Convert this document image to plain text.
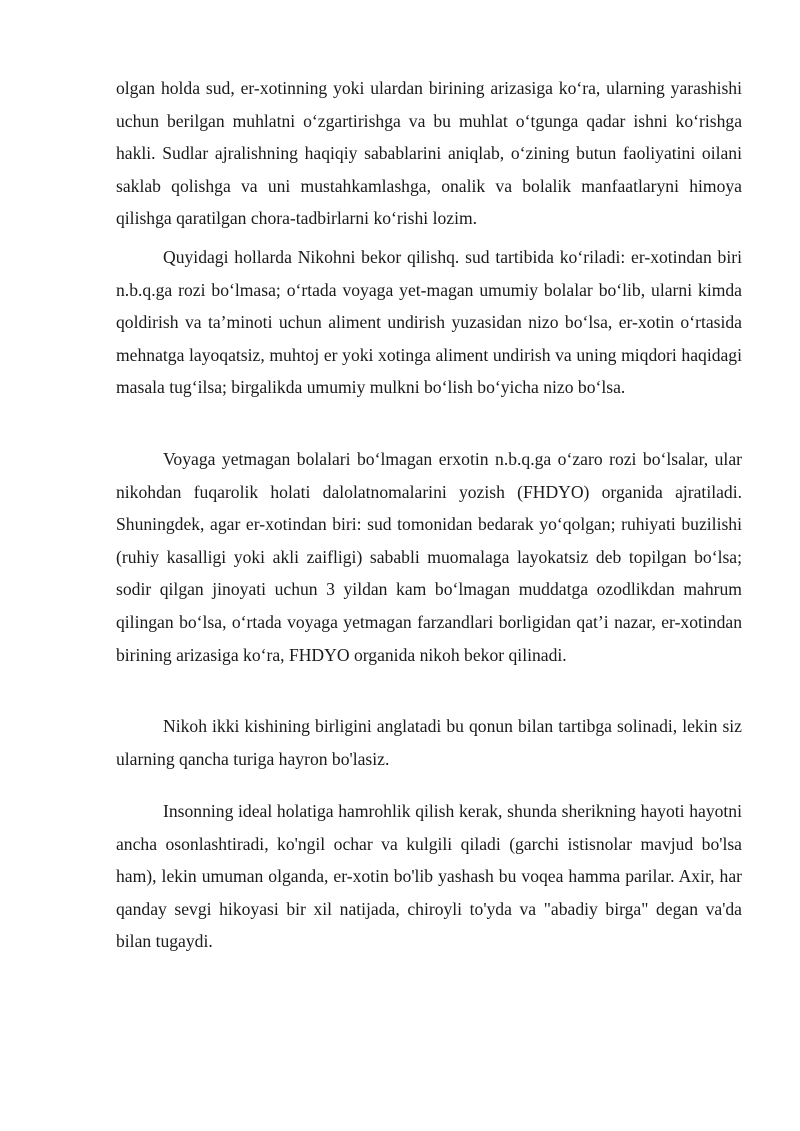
olgan holda sud, er-xotinning yoki ulardan birining arizasiga ko‘ra, ularning yarashishi uchun berilgan muhlatni o‘zgartirishga va bu muhlat o‘tgunga qadar ishni ko‘rishga hakli. Sudlar ajralishning haqiqiy sabablarini aniqlab, o‘zining butun faoliyatini oilani saklab qolishga va uni mustahkamlashga, onalik va bolalik manfaatlaryni himoya qilishga qaratilgan chora-tadbirlarni ko‘rishi lozim.

Quyidagi hollarda Nikohni bekor qilishq. sud tartibida ko‘riladi: er-xotindan biri n.b.q.ga rozi bo‘lmasa; o‘rtada voyaga yet-magan umumiy bolalar bo‘lib, ularni kimda qoldirish va ta’minoti uchun aliment undirish yuzasidan nizo bo‘lsa, er-xotin o‘rtasida mehnatga layoqatsiz, muhtoj er yoki xotinga aliment undirish va uning miqdori haqidagi masala tug‘ilsa; birgalikda umumiy mulkni bo‘lish bo‘yicha nizo bo‘lsa.

Voyaga yetmagan bolalari bo‘lmagan erxotin n.b.q.ga o‘zaro rozi bo‘lsalar, ular nikohdan fuqarolik holati dalolatnomalarini yozish (FHDYO) organida ajratiladi. Shuningdek, agar er-xotindan biri: sud tomonidan bedarak yo‘qolgan; ruhiyati buzilishi (ruhiy kasalligi yoki akli zaifligi) sababli muomalaga layokatsiz deb topilgan bo‘lsa; sodir qilgan jinoyati uchun 3 yildan kam bo‘lmagan muddatga ozodlikdan mahrum qilingan bo‘lsa, o‘rtada voyaga yetmagan farzandlari borligidan qat’i nazar, er-xotindan birining arizasiga ko‘ra, FHDYO organida nikoh bekor qilinadi.

Nikoh ikki kishining birligini anglatadi bu qonun bilan tartibga solinadi, lekin siz ularning qancha turiga hayron bo'lasiz.

Insonning ideal holatiga hamrohlik qilish kerak, shunda sherikning hayoti hayotni ancha osonlashtiradi, ko'ngil ochar va kulgili qiladi (garchi istisnolar mavjud bo'lsa ham), lekin umuman olganda, er-xotin bo'lib yashash bu voqea hamma parilar. Axir, har qanday sevgi hikoyasi bir xil natijada, chiroyli to'yda va "abadiy birga" degan va'da bilan tugaydi.
